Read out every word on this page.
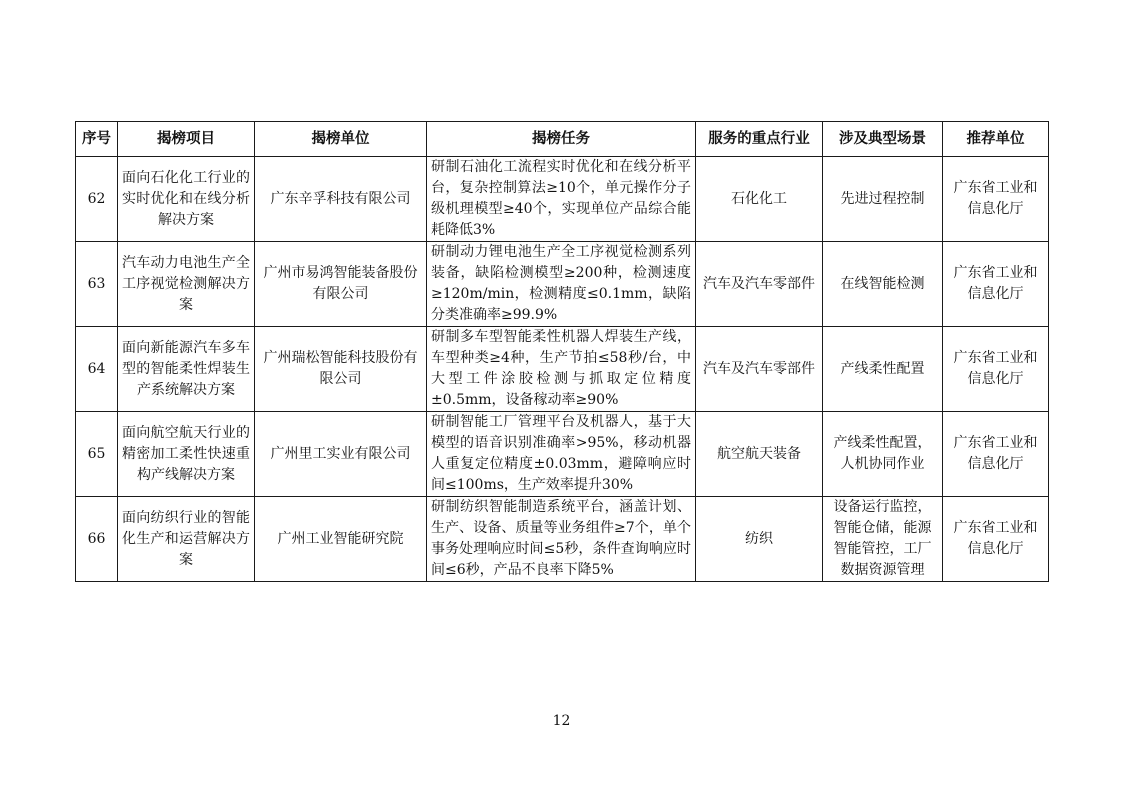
序号	揭榜项目	揭榜单位	揭榜任务	服务的重点行业	涉及典型场景	推荐单位
62	面向石化化工行业的实时优化和在线分析解决方案	广东辛孚科技有限公司	研制石油化工流程实时优化和在线分析平台，复杂控制算法≥10个，单元操作分子级机理模型≥40个，实现单位产品综合能耗降低3%	石化化工	先进过程控制	广东省工业和信息化厅
63	汽车动力电池生产全工序视觉检测解决方案	广州市易鸿智能装备股份有限公司	研制动力锂电池生产全工序视觉检测系列装备，缺陷检测模型≥200种，检测速度≥120m/min，检测精度≤0.1mm，缺陷分类准确率≥99.9%	汽车及汽车零部件	在线智能检测	广东省工业和信息化厅
64	面向新能源汽车多车型的智能柔性焊装生产系统解决方案	广州瑞松智能科技股份有限公司	研制多车型智能柔性机器人焊装生产线，车型种类≥4种，生产节拍≤58秒/台，中大型工件涂胶检测与抓取定位精度±0.5mm，设备稼动率≥90%	汽车及汽车零部件	产线柔性配置	广东省工业和信息化厅
65	面向航空航天行业的精密加工柔性快速重构产线解决方案	广州里工实业有限公司	研制智能工厂管理平台及机器人，基于大模型的语音识别准确率>95%，移动机器人重复定位精度±0.03mm，避障响应时间≤100ms，生产效率提升30%	航空航天装备	产线柔性配置，人机协同作业	广东省工业和信息化厅
66	面向纺织行业的智能化生产和运营解决方案	广州工业智能研究院	研制纺织智能制造系统平台，涵盖计划、生产、设备、质量等业务组件≥7个，单个事务处理响应时间≤5秒，条件查询响应时间≤6秒，产品不良率下降5%	纺织	设备运行监控，智能仓储，能源智能管控，工厂数据资源管理	广东省工业和信息化厅
12
